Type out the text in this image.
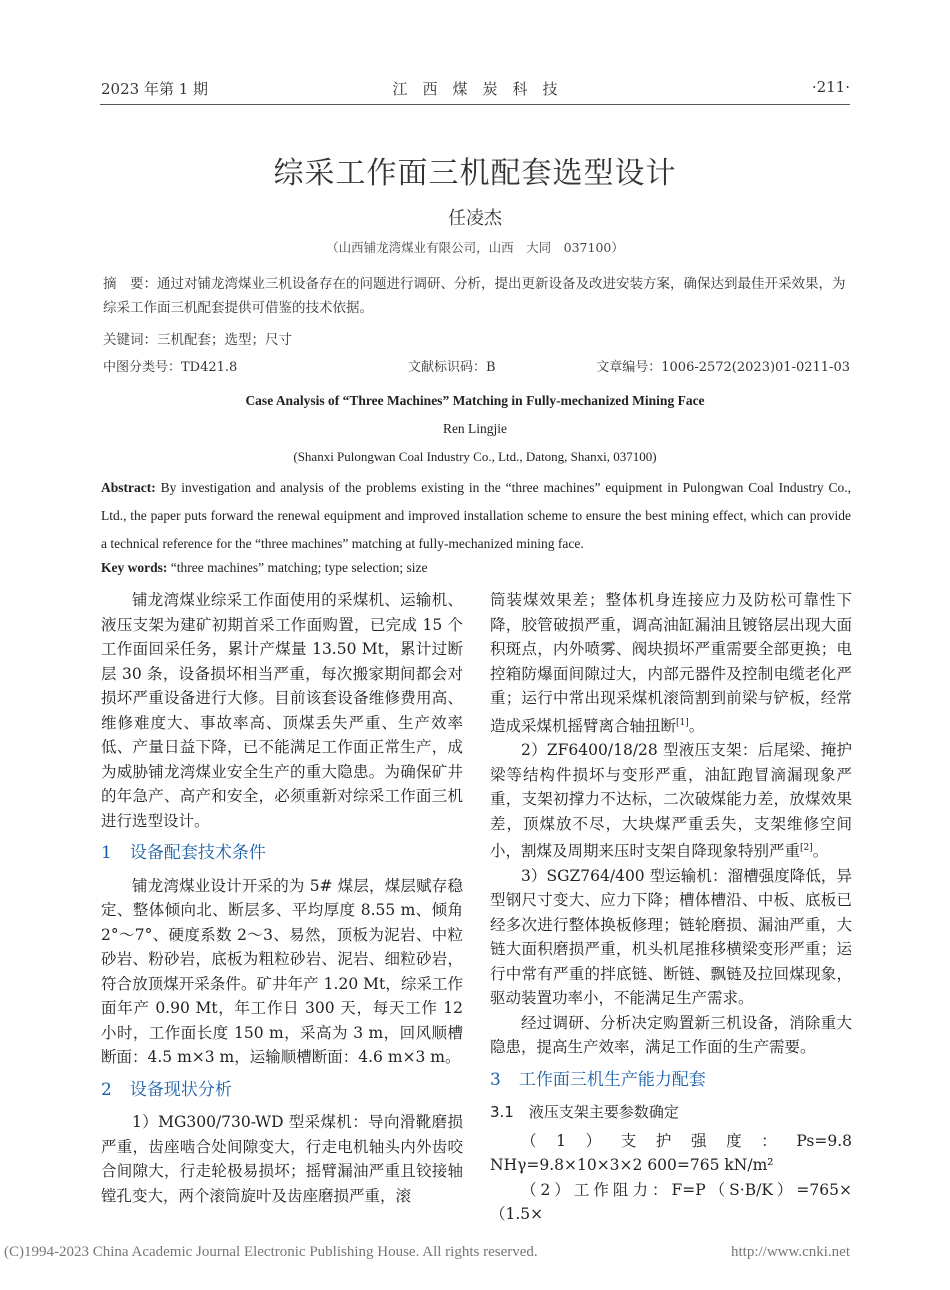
2023 年第 1 期	江　西　煤　炭　科　技	·211·
综采工作面三机配套选型设计
任凌杰
（山西铺龙湾煤业有限公司，山西　大同　037100）
摘　要：通过对铺龙湾煤业三机设备存在的问题进行调研、分析，提出更新设备及改进安装方案，确保达到最佳开采效果，为综采工作面三机配套提供可借鉴的技术依据。
关键词：三机配套；选型；尺寸
中图分类号：TD421.8	文献标识码：B	文章编号：1006-2572(2023)01-0211-03
Case Analysis of “Three Machines” Matching in Fully-mechanized Mining Face
Ren Lingjie
(Shanxi Pulongwan Coal Industry Co., Ltd., Datong, Shanxi, 037100)
Abstract: By investigation and analysis of the problems existing in the “three machines” equipment in Pulongwan Coal Industry Co., Ltd., the paper puts forward the renewal equipment and improved installation scheme to ensure the best mining effect, which can provide a technical reference for the “three machines” matching at fully-mechanized mining face.
Key words: “three machines” matching; type selection; size

铺龙湾煤业综采工作面使用的采煤机、运输机、液压支架为建矿初期首采工作面购置，已完成 15 个工作面回采任务，累计产煤量 13.50 Mt，累计过断层 30 条，设备损坏相当严重，每次搬家期间都会对损坏严重设备进行大修。目前该套设备维修费用高、维修难度大、事故率高、顶煤丢失严重、生产效率低、产量日益下降，已不能满足工作面正常生产，成为威胁铺龙湾煤业安全生产的重大隐患。为确保矿井的年急产、高产和安全，必须重新对综采工作面三机进行选型设计。

1 设备配套技术条件

铺龙湾煤业设计开采的为 5# 煤层，煤层赋存稳定、整体倾向北、断层多、平均厚度 8.55 m、倾角 2°～7°、硬度系数 2～3、易然，顶板为泥岩、中粒砂岩、粉砂岩，底板为粗粒砂岩、泥岩、细粒砂岩，符合放顶煤开采条件。矿井年产 1.20 Mt，综采工作面年产 0.90 Mt，年工作日 300 天，每天工作 12 小时，工作面长度 150 m，采高为 3 m，回风顺槽断面：4.5 m×3 m，运输顺槽断面：4.6 m×3 m。

2 设备现状分析

1）MG300/730-WD 型采煤机：导向滑靴磨损严重，齿座啮合处间隙变大，行走电机轴头内外齿咬合间隙大，行走轮极易损坏；摇臂漏油严重且铰接轴镗孔变大，两个滚筒旋叶及齿座磨损严重，滚

筒装煤效果差；整体机身连接应力及防松可靠性下降，胶管破损严重，调高油缸漏油且镀铬层出现大面积斑点，内外喷雾、阀块损坏严重需要全部更换；电控箱防爆面间隙过大，内部元器件及控制电缆老化严重；运行中常出现采煤机滚筒割到前梁与铲板，经常造成采煤机摇臂离合轴扭断[1]。

2）ZF6400/18/28 型液压支架：后尾梁、掩护梁等结构件损坏与变形严重，油缸跑冒滴漏现象严重，支架初撑力不达标，二次破煤能力差，放煤效果差，顶煤放不尽，大块煤严重丢失，支架维修空间小，割煤及周期来压时支架自降现象特别严重[2]。

3）SGZ764/400 型运输机：溜槽强度降低，异型钢尺寸变大、应力下降；槽体槽沿、中板、底板已经多次进行整体换板修理；链轮磨损、漏油严重，大链大面积磨损严重，机头机尾推移横梁变形严重；运行中常有严重的拌底链、断链、飘链及拉回煤现象，驱动装置功率小，不能满足生产需求。

经过调研、分析决定购置新三机设备，消除重大隐患，提高生产效率，满足工作面的生产需要。

3 工作面三机生产能力配套
3.1　液压支架主要参数确定

（1）支护强度：Ps=9.8 NHγ=9.8×10×3×2 600=765 kN/m²

（2）工作阻力：F=P（S·B/K）=765×（1.5×

(C)1994-2023 China Academic Journal Electronic Publishing House. All rights reserved.	http://www.cnki.net
